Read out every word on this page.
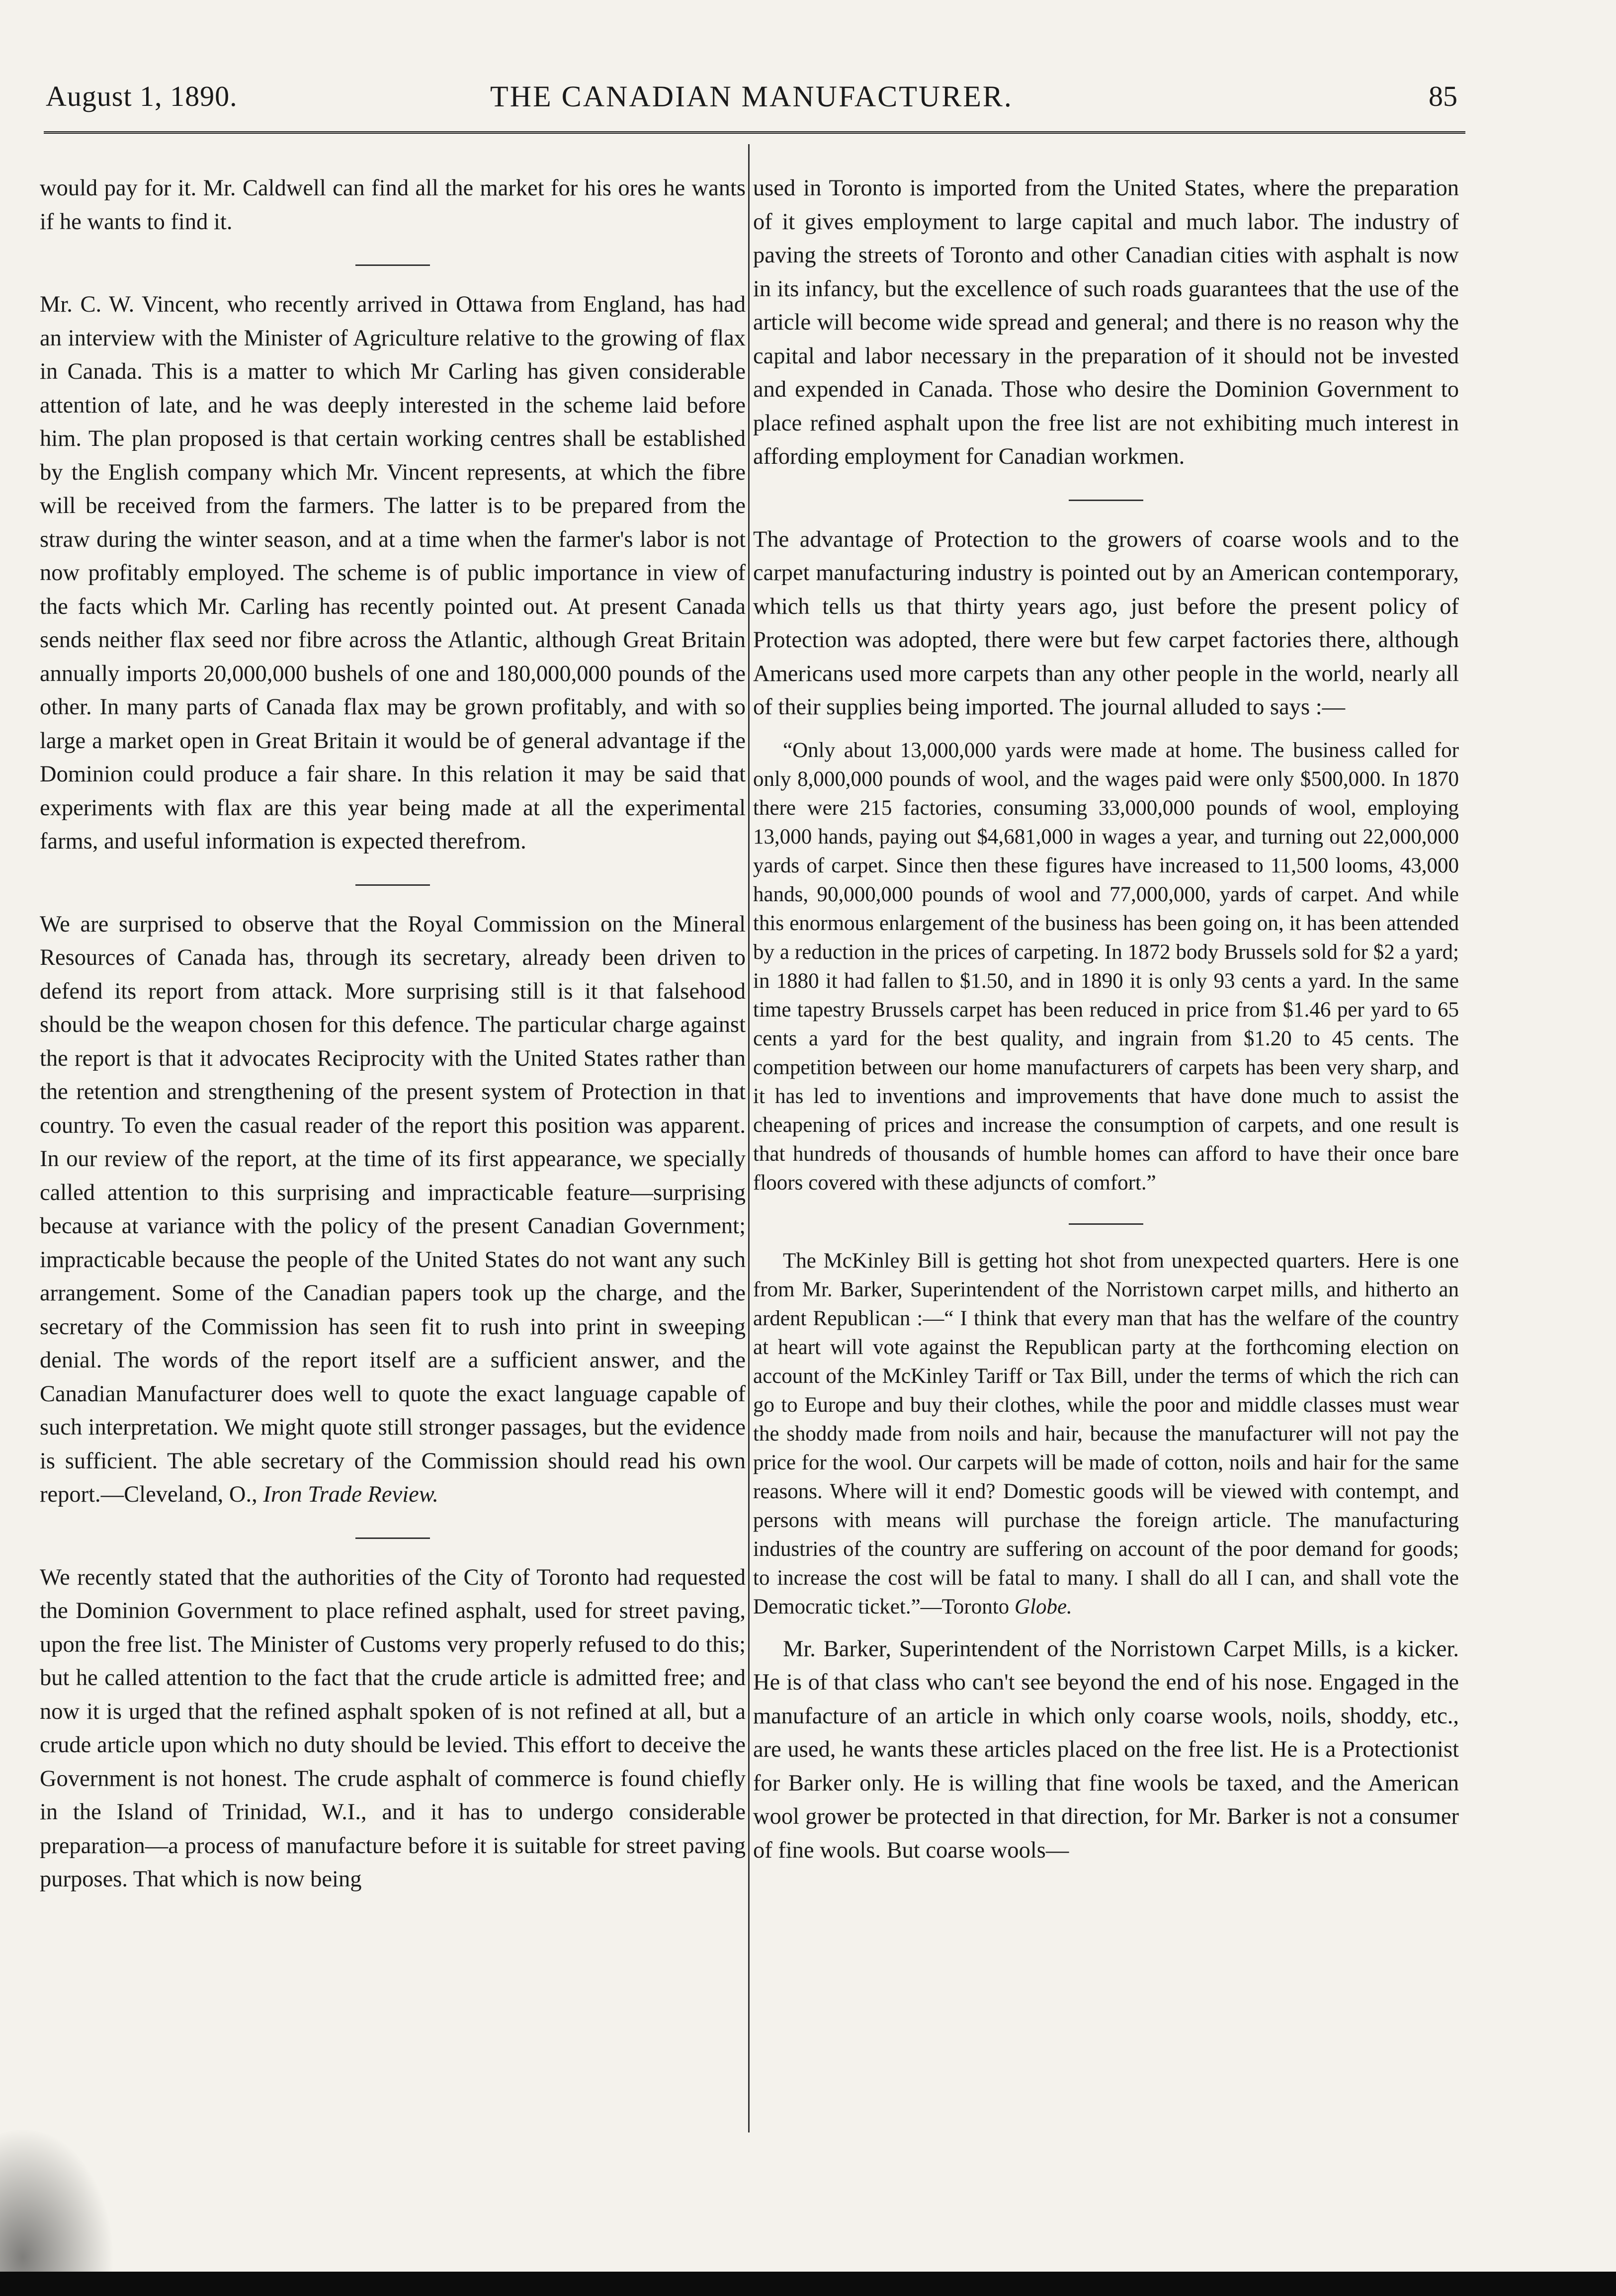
August 1, 1890.	THE CANADIAN MANUFACTURER.	85

would pay for it. Mr. Caldwell can find all the market for his ores he wants if he wants to find it.

Mr. C. W. Vincent, who recently arrived in Ottawa from England, has had an interview with the Minister of Agriculture relative to the growing of flax in Canada. This is a matter to which Mr Carling has given considerable attention of late, and he was deeply interested in the scheme laid before him. The plan proposed is that certain working centres shall be established by the English company which Mr. Vincent represents, at which the fibre will be received from the farmers. The latter is to be prepared from the straw during the winter season, and at a time when the farmer's labor is not now profitably employed. The scheme is of public importance in view of the facts which Mr. Carling has recently pointed out. At present Canada sends neither flax seed nor fibre across the Atlantic, although Great Britain annually imports 20,000,000 bushels of one and 180,000,000 pounds of the other. In many parts of Canada flax may be grown profitably, and with so large a market open in Great Britain it would be of general advantage if the Dominion could produce a fair share. In this relation it may be said that experiments with flax are this year being made at all the experimental farms, and useful information is expected therefrom.

We are surprised to observe that the Royal Commission on the Mineral Resources of Canada has, through its secretary, already been driven to defend its report from attack. More surprising still is it that falsehood should be the weapon chosen for this defence. The particular charge against the report is that it advocates Reciprocity with the United States rather than the retention and strengthening of the present system of Protection in that country. To even the casual reader of the report this position was apparent. In our review of the report, at the time of its first appearance, we specially called attention to this surprising and impracticable feature—surprising because at variance with the policy of the present Canadian Government; impracticable because the people of the United States do not want any such arrangement. Some of the Canadian papers took up the charge, and the secretary of the Commission has seen fit to rush into print in sweeping denial. The words of the report itself are a sufficient answer, and the Canadian Manufacturer does well to quote the exact language capable of such interpretation. We might quote still stronger passages, but the evidence is sufficient. The able secretary of the Commission should read his own report.—Cleveland, O., Iron Trade Review.

We recently stated that the authorities of the City of Toronto had requested the Dominion Government to place refined asphalt, used for street paving, upon the free list. The Minister of Customs very properly refused to do this; but he called attention to the fact that the crude article is admitted free; and now it is urged that the refined asphalt spoken of is not refined at all, but a crude article upon which no duty should be levied. This effort to deceive the Government is not honest. The crude asphalt of commerce is found chiefly in the Island of Trinidad, W.I., and it has to undergo considerable preparation—a process of manufacture before it is suitable for street paving purposes. That which is now being

used in Toronto is imported from the United States, where the preparation of it gives employment to large capital and much labor. The industry of paving the streets of Toronto and other Canadian cities with asphalt is now in its infancy, but the excellence of such roads guarantees that the use of the article will become wide spread and general; and there is no reason why the capital and labor necessary in the preparation of it should not be invested and expended in Canada. Those who desire the Dominion Government to place refined asphalt upon the free list are not exhibiting much interest in affording employment for Canadian workmen.

The advantage of Protection to the growers of coarse wools and to the carpet manufacturing industry is pointed out by an American contemporary, which tells us that thirty years ago, just before the present policy of Protection was adopted, there were but few carpet factories there, although Americans used more carpets than any other people in the world, nearly all of their supplies being imported. The journal alluded to says :—

“Only about 13,000,000 yards were made at home. The business called for only 8,000,000 pounds of wool, and the wages paid were only $500,000. In 1870 there were 215 factories, consuming 33,000,000 pounds of wool, employing 13,000 hands, paying out $4,681,000 in wages a year, and turning out 22,000,000 yards of carpet. Since then these figures have increased to 11,500 looms, 43,000 hands, 90,000,000 pounds of wool and 77,000,000, yards of carpet. And while this enormous enlargement of the business has been going on, it has been attended by a reduction in the prices of carpeting. In 1872 body Brussels sold for $2 a yard; in 1880 it had fallen to $1.50, and in 1890 it is only 93 cents a yard. In the same time tapestry Brussels carpet has been reduced in price from $1.46 per yard to 65 cents a yard for the best quality, and ingrain from $1.20 to 45 cents. The competition between our home manufacturers of carpets has been very sharp, and it has led to inventions and improvements that have done much to assist the cheapening of prices and increase the consumption of carpets, and one result is that hundreds of thousands of humble homes can afford to have their once bare floors covered with these adjuncts of comfort.”

The McKinley Bill is getting hot shot from unexpected quarters. Here is one from Mr. Barker, Superintendent of the Norristown carpet mills, and hitherto an ardent Republican :—“ I think that every man that has the welfare of the country at heart will vote against the Republican party at the forthcoming election on account of the McKinley Tariff or Tax Bill, under the terms of which the rich can go to Europe and buy their clothes, while the poor and middle classes must wear the shoddy made from noils and hair, because the manufacturer will not pay the price for the wool. Our carpets will be made of cotton, noils and hair for the same reasons. Where will it end? Domestic goods will be viewed with contempt, and persons with means will purchase the foreign article. The manufacturing industries of the country are suffering on account of the poor demand for goods; to increase the cost will be fatal to many. I shall do all I can, and shall vote the Democratic ticket.”—Toronto Globe.

Mr. Barker, Superintendent of the Norristown Carpet Mills, is a kicker. He is of that class who can't see beyond the end of his nose. Engaged in the manufacture of an article in which only coarse wools, noils, shoddy, etc., are used, he wants these articles placed on the free list. He is a Protectionist for Barker only. He is willing that fine wools be taxed, and the American wool grower be protected in that direction, for Mr. Barker is not a consumer of fine wools. But coarse wools—
